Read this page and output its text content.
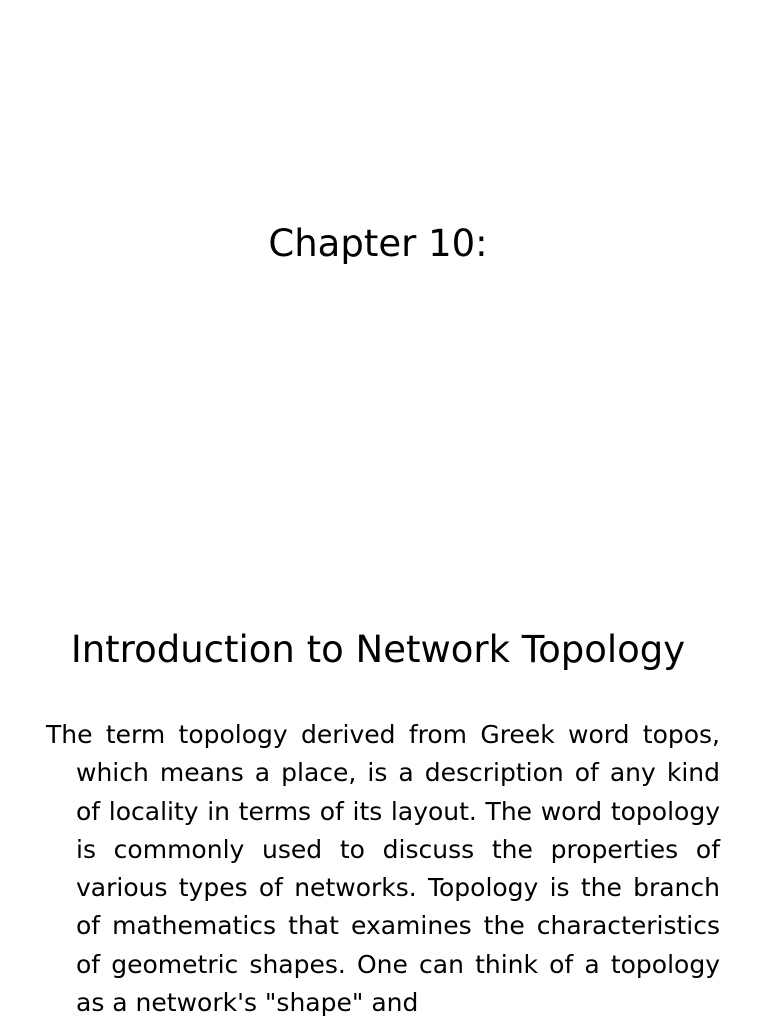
Chapter 10:
Introduction to Network Topology

The term topology derived from Greek word topos, which means a place, is a description of any kind of locality in terms of its layout. The word topology is commonly used to discuss the properties of various types of networks. Topology is the branch of mathematics that examines the characteristics of geometric shapes. One can think of a topology as a network's "shape" and
